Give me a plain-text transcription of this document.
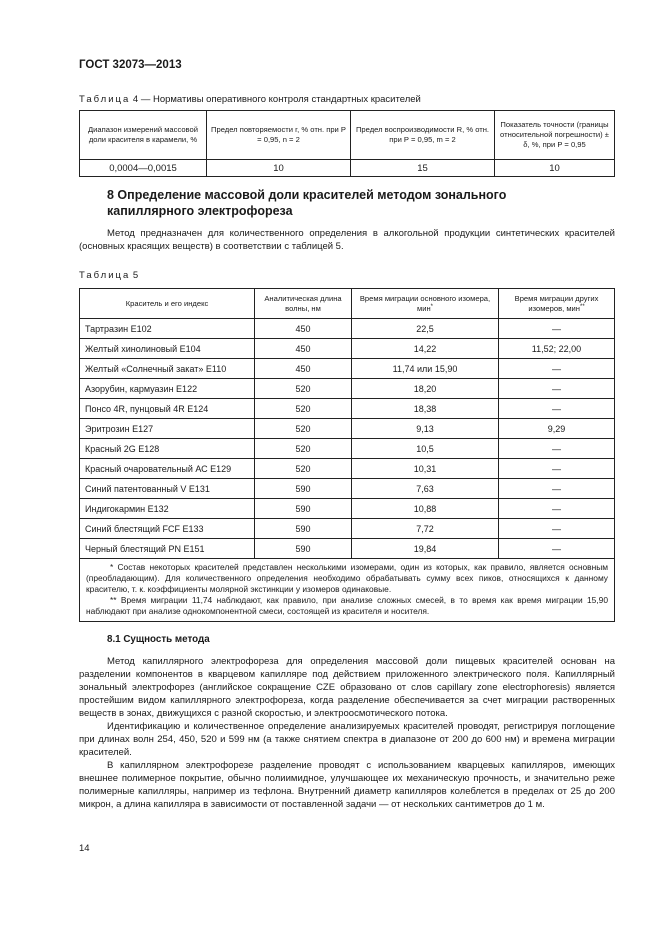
ГОСТ 32073—2013
Таблица 4 — Нормативы оперативного контроля стандартных красителей
Диапазон измерений массовой доли красителя в карамели, %	Предел повторяемости r, % отн. при P = 0,95, n = 2	Предел воспроизводимости R, % отн. при P = 0,95, m = 2	Показатель точности (границы относительной погрешности) ± δ, %, при P = 0,95
0,0004—0,0015	10	15	10
8 Определение массовой доли красителей методом зонального капиллярного электрофореза

Метод предназначен для количественного определения в алкогольной продукции синтетических красителей (основных красящих веществ) в соответствии с таблицей 5.

Таблица 5
Краситель и его индекс	Аналитическая длина волны, нм	Время миграции основного изомера, мин*	Время миграции других изомеров, мин**
Тартразин Е102	450	22,5	—
Желтый хинолиновый Е104	450	14,22	11,52; 22,00
Желтый «Солнечный закат» Е110	450	11,74 или 15,90	—
Азорубин, кармуазин Е122	520	18,20	—
Понсо 4R, пунцовый 4R Е124	520	18,38	—
Эритрозин Е127	520	9,13	9,29
Красный 2G Е128	520	10,5	—
Красный очаровательный АС Е129	520	10,31	—
Синий патентованный V Е131	590	7,63	—
Индигокармин Е132	590	10,88	—
Синий блестящий FCF Е133	590	7,72	—
Черный блестящий PN Е151	590	19,84	—

* Состав некоторых красителей представлен несколькими изомерами, один из которых, как правило, является основным (преобладающим). Для количественного определения необходимо обрабатывать сумму всех пиков, относящихся к данному красителю, т. к. коэффициенты молярной экстинкции у изомеров одинаковые.

** Время миграции 11,74 наблюдают, как правило, при анализе сложных смесей, в то время как время миграции 15,90 наблюдают при анализе однокомпонентной смеси, состоящей из красителя и носителя.			

8.1 Сущность метода

Метод капиллярного электрофореза для определения массовой доли пищевых красителей основан на разделении компонентов в кварцевом капилляре под действием приложенного электрического поля. Капиллярный зональный электрофорез (английское сокращение CZE образовано от слов capillary zone electrophoresis) является простейшим видом капиллярного электрофореза, когда разделение обеспечивается за счет миграции растворенных веществ в зонах, движущихся с разной скоростью, и электроосмотического потока.

Идентификацию и количественное определение анализируемых красителей проводят, регистрируя поглощение при длинах волн 254, 450, 520 и 599 нм (а также снятием спектра в диапазоне от 200 до 600 нм) и времена миграции красителей.

В капиллярном электрофорезе разделение проводят с использованием кварцевых капилляров, имеющих внешнее полимерное покрытие, обычно полиимидное, улучшающее их механическую прочность, и значительно реже полимерные капилляры, например из тефлона. Внутренний диаметр капилляров колеблется в пределах от 25 до 200 микрон, а длина капилляра в зависимости от поставленной задачи — от нескольких сантиметров до 1 м.

14
